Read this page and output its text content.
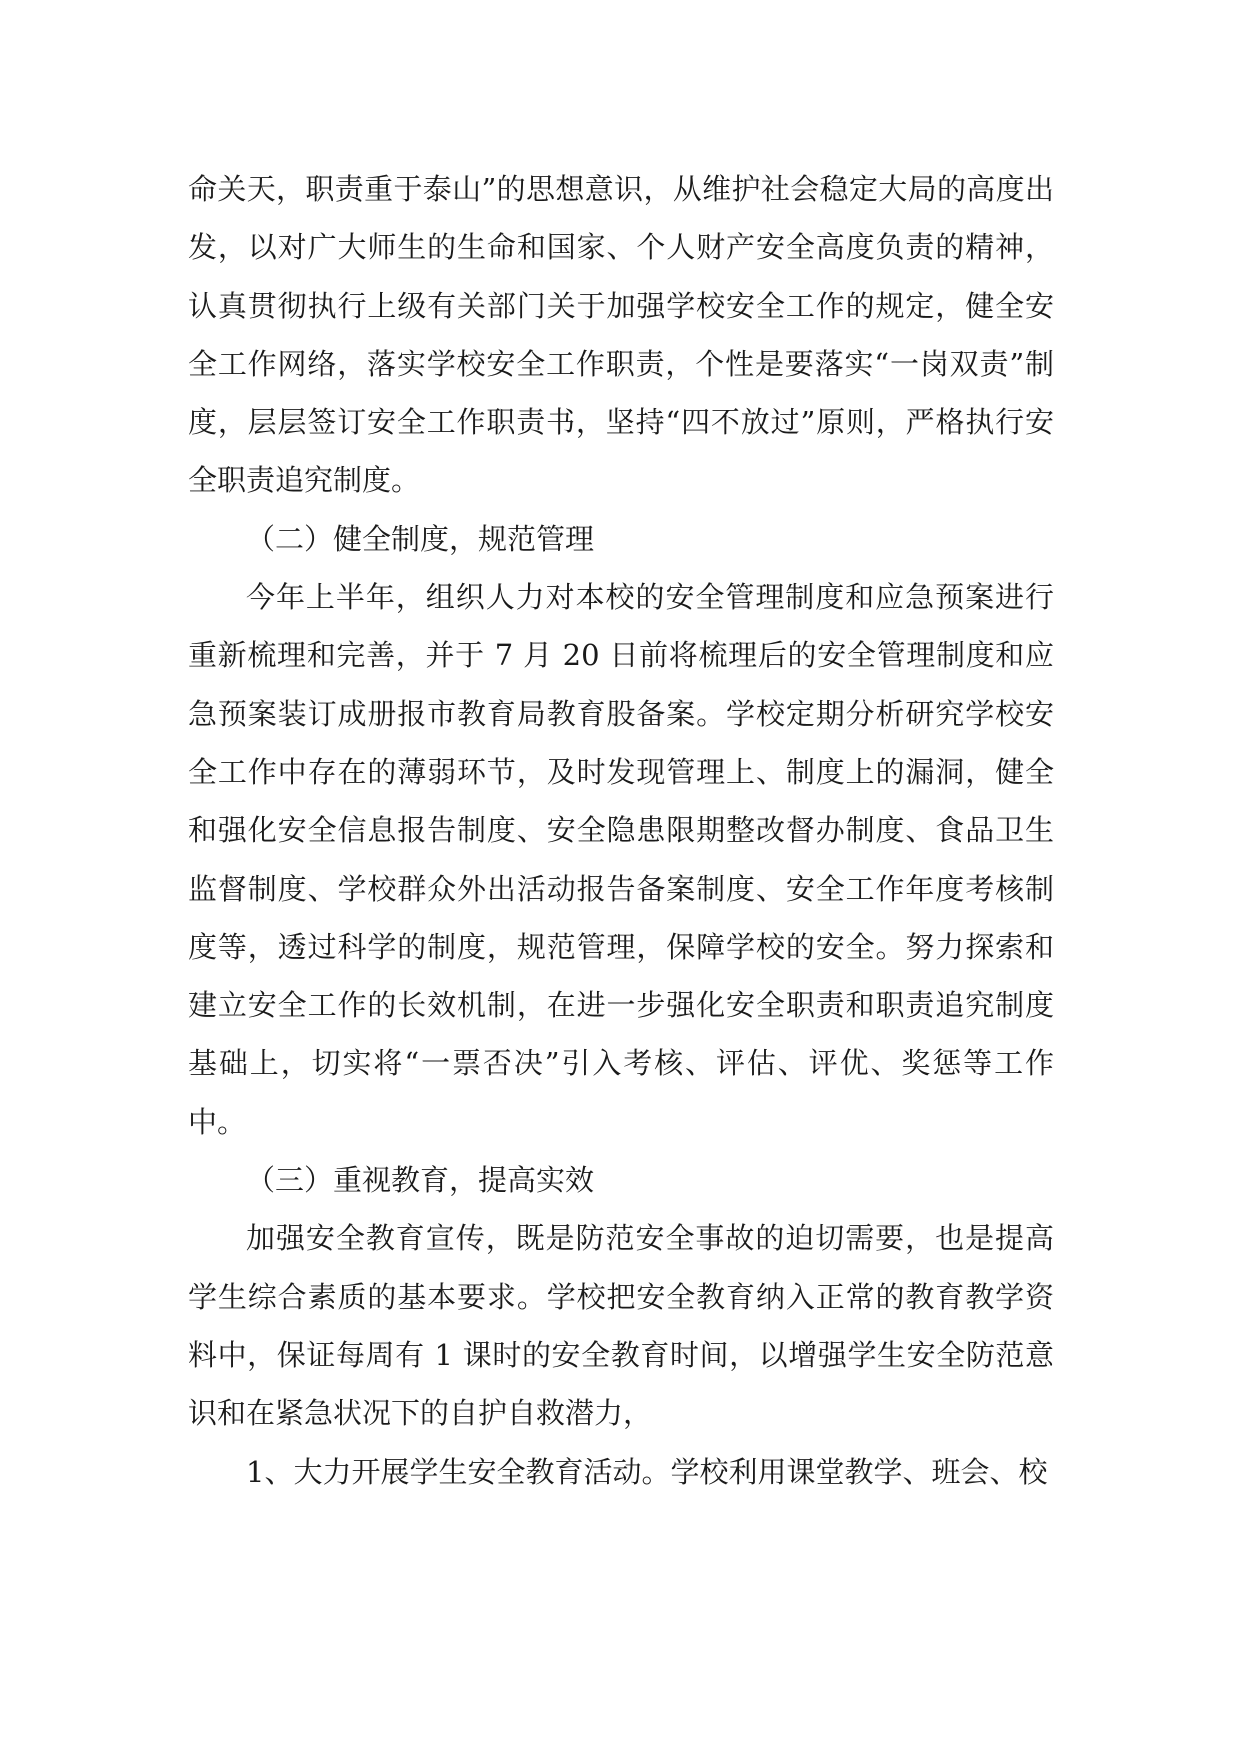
命关天，职责重于泰山”的思想意识，从维护社会稳定大局的高度出发，以对广大师生的生命和国家、个人财产安全高度负责的精神，认真贯彻执行上级有关部门关于加强学校安全工作的规定，健全安全工作网络，落实学校安全工作职责，个性是要落实“一岗双责”制度，层层签订安全工作职责书，坚持“四不放过”原则，严格执行安全职责追究制度。

（二）健全制度，规范管理

今年上半年，组织人力对本校的安全管理制度和应急预案进行重新梳理和完善，并于 7 月 20 日前将梳理后的安全管理制度和应急预案装订成册报市教育局教育股备案。学校定期分析研究学校安全工作中存在的薄弱环节，及时发现管理上、制度上的漏洞，健全和强化安全信息报告制度、安全隐患限期整改督办制度、食品卫生监督制度、学校群众外出活动报告备案制度、安全工作年度考核制度等，透过科学的制度，规范管理，保障学校的安全。努力探索和建立安全工作的长效机制，在进一步强化安全职责和职责追究制度基础上，切实将“一票否决”引入考核、评估、评优、奖惩等工作中。

（三）重视教育，提高实效

加强安全教育宣传，既是防范安全事故的迫切需要，也是提高学生综合素质的基本要求。学校把安全教育纳入正常的教育教学资料中，保证每周有 1 课时的安全教育时间，以增强学生安全防范意识和在紧急状况下的自护自救潜力，

1、大力开展学生安全教育活动。学校利用课堂教学、班会、校
